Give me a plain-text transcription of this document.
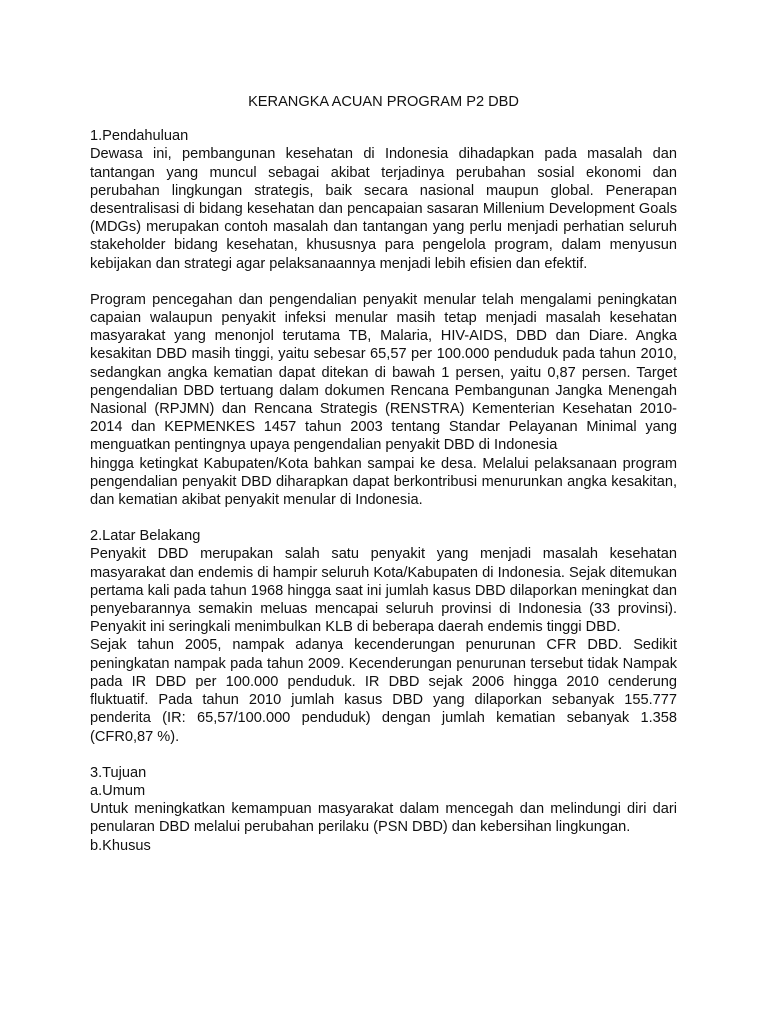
KERANGKA ACUAN PROGRAM P2 DBD
1.Pendahuluan

Dewasa ini, pembangunan kesehatan di Indonesia dihadapkan pada masalah dan tantangan yang muncul sebagai akibat terjadinya perubahan sosial ekonomi dan perubahan lingkungan strategis, baik secara nasional maupun global. Penerapan desentralisasi di bidang kesehatan dan pencapaian sasaran Millenium Development Goals (MDGs) merupakan contoh masalah dan tantangan yang perlu menjadi perhatian seluruh stakeholder bidang kesehatan, khususnya para pengelola program, dalam menyusun kebijakan dan strategi agar pelaksanaannya menjadi lebih efisien dan efektif.

Program pencegahan dan pengendalian penyakit menular telah mengalami peningkatan capaian walaupun penyakit infeksi menular masih tetap menjadi masalah kesehatan masyarakat yang menonjol terutama TB, Malaria, HIV-AIDS, DBD dan Diare. Angka kesakitan DBD masih tinggi, yaitu sebesar 65,57 per 100.000 penduduk pada tahun 2010, sedangkan angka kematian dapat ditekan di bawah 1 persen, yaitu 0,87 persen. Target pengendalian DBD tertuang dalam dokumen Rencana Pembangunan Jangka Menengah Nasional (RPJMN) dan Rencana Strategis (RENSTRA) Kementerian Kesehatan 2010-2014 dan KEPMENKES 1457 tahun 2003 tentang Standar Pelayanan Minimal yang menguatkan pentingnya upaya pengendalian penyakit DBD di Indonesia

hingga ketingkat Kabupaten/Kota bahkan sampai ke desa. Melalui pelaksanaan program pengendalian penyakit DBD diharapkan dapat berkontribusi menurunkan angka kesakitan, dan kematian akibat penyakit menular di Indonesia.

2.Latar Belakang

Penyakit DBD merupakan salah satu penyakit yang menjadi masalah kesehatan masyarakat dan endemis di hampir seluruh Kota/Kabupaten di Indonesia. Sejak ditemukan pertama kali pada tahun 1968 hingga saat ini jumlah kasus DBD dilaporkan meningkat dan penyebarannya semakin meluas mencapai seluruh provinsi di Indonesia (33 provinsi). Penyakit ini seringkali menimbulkan KLB di beberapa daerah endemis tinggi DBD.

Sejak tahun 2005, nampak adanya kecenderungan penurunan CFR DBD. Sedikit peningkatan nampak pada tahun 2009. Kecenderungan penurunan tersebut tidak Nampak pada IR DBD per 100.000 penduduk. IR DBD sejak 2006 hingga 2010 cenderung fluktuatif. Pada tahun 2010 jumlah kasus DBD yang dilaporkan sebanyak 155.777 penderita (IR: 65,57/100.000 penduduk) dengan jumlah kematian sebanyak 1.358 (CFR0,87 %).

3.Tujuan
a.Umum

Untuk meningkatkan kemampuan masyarakat dalam mencegah dan melindungi diri dari penularan DBD melalui perubahan perilaku (PSN DBD) dan kebersihan lingkungan.

b.Khusus
